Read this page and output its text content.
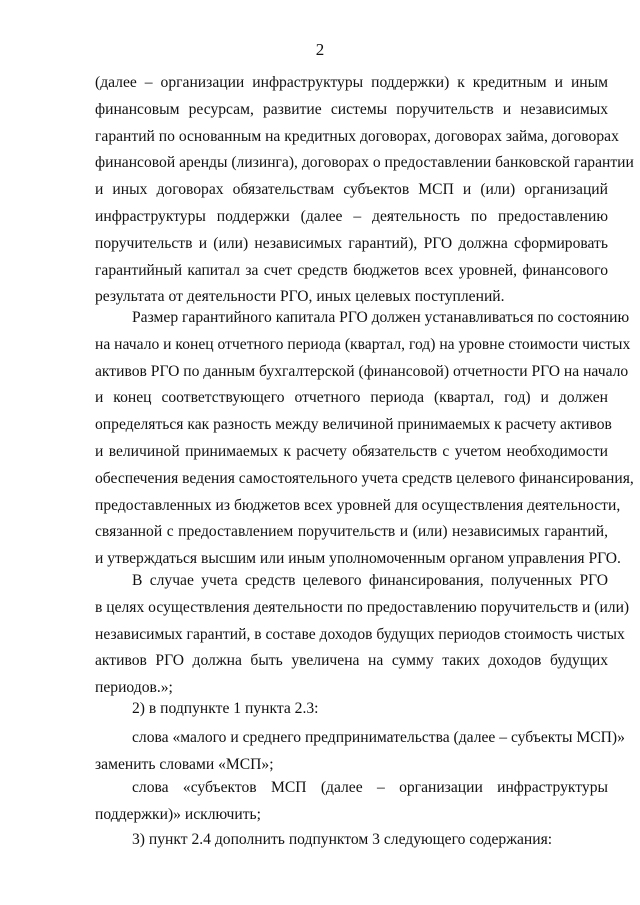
2
(далее – организации инфраструктуры поддержки) к кредитным и иным
финансовым ресурсам, развитие системы поручительств и независимых
гарантий по основанным на кредитных договорах, договорах займа, договорах
финансовой аренды (лизинга), договорах о предоставлении банковской гарантии
и иных договорах обязательствам субъектов МСП и (или) организаций
инфраструктуры поддержки (далее – деятельность по предоставлению
поручительств и (или) независимых гарантий), РГО должна сформировать
гарантийный капитал за счет средств бюджетов всех уровней, финансового
результата от деятельности РГО, иных целевых поступлений.
Размер гарантийного капитала РГО должен устанавливаться по состоянию
на начало и конец отчетного периода (квартал, год) на уровне стоимости чистых
активов РГО по данным бухгалтерской (финансовой) отчетности РГО на начало
и конец соответствующего отчетного периода (квартал, год) и должен
определяться как разность между величиной принимаемых к расчету активов
и величиной принимаемых к расчету обязательств с учетом необходимости
обеспечения ведения самостоятельного учета средств целевого финансирования,
предоставленных из бюджетов всех уровней для осуществления деятельности,
связанной с предоставлением поручительств и (или) независимых гарантий,
и утверждаться высшим или иным уполномоченным органом управления РГО.
В случае учета средств целевого финансирования, полученных РГО
в целях осуществления деятельности по предоставлению поручительств и (или)
независимых гарантий, в составе доходов будущих периодов стоимость чистых
активов РГО должна быть увеличена на сумму таких доходов будущих
периодов.»;
2) в подпункте 1 пункта 2.3:
слова «малого и среднего предпринимательства (далее – субъекты МСП)»
заменить словами «МСП»;
слова «субъектов МСП (далее – организации инфраструктуры
поддержки)» исключить;
3) пункт 2.4 дополнить подпунктом 3 следующего содержания:
